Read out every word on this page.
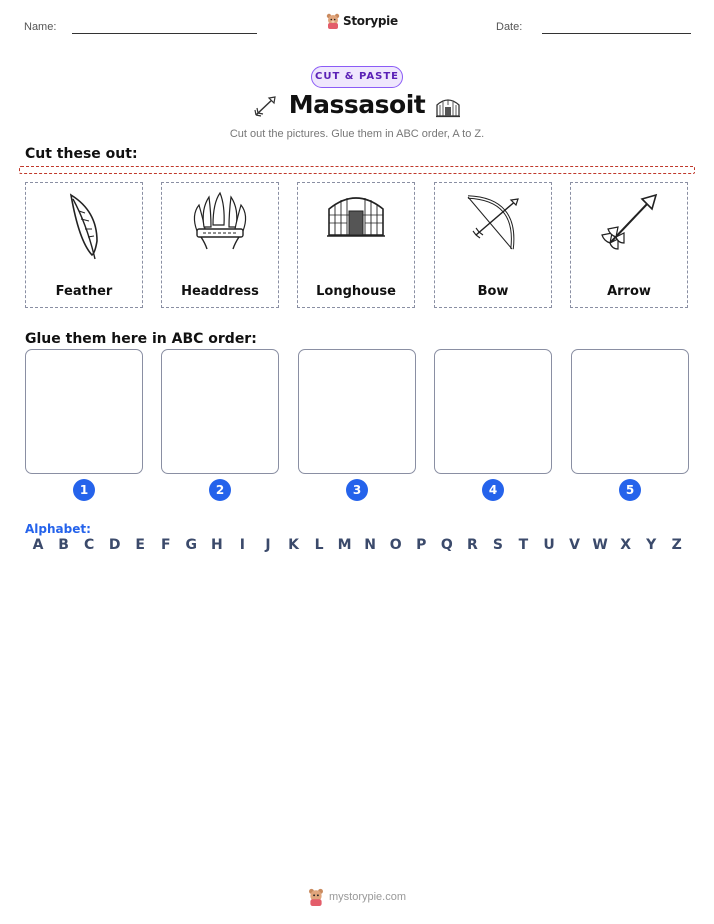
Name:	Storypie	Date:
CUT & PASTE
Massasoit
Cut out the pictures. Glue them in ABC order, A to Z.
Cut these out:
Feather	Headdress	Longhouse	Bow	Arrow
Glue them here in ABC order:
1	2	3	4	5
Alphabet:
A	B	C	D	E	F	G H	I	J	K	L	M N O	P	Q	R	S	T	U	V W X	Y	Z
mystorypie.com
